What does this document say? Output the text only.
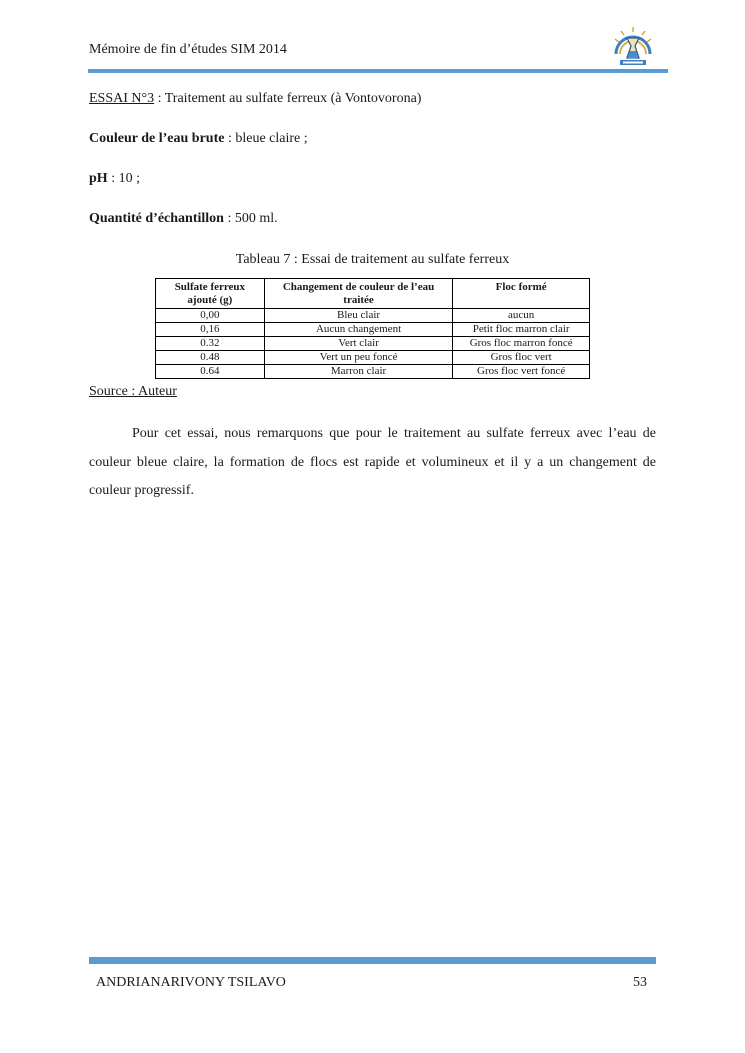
Mémoire de fin d’études SIM 2014
ESSAI N°3 : Traitement au sulfate ferreux (à Vontovorona)
Couleur de l’eau brute : bleue claire ;
pH : 10 ;
Quantité d’échantillon : 500 ml.
Tableau 7 : Essai de traitement au sulfate ferreux
Sulfate ferreux ajouté (g)	Changement de couleur de l’eau traitée	Floc formé
0,00	Bleu clair	aucun
0,16	Aucun changement	Petit floc marron clair
0.32	Vert clair	Gros floc marron foncé
0.48	Vert un peu foncé	Gros floc vert
0.64	Marron clair	Gros floc vert foncé
Source : Auteur
Pour cet essai, nous remarquons que pour le traitement au sulfate ferreux avec l’eau de couleur bleue claire, la formation de flocs est rapide et volumineux et il y a un changement de couleur progressif.
ANDRIANARIVONY TSILAVO	53
